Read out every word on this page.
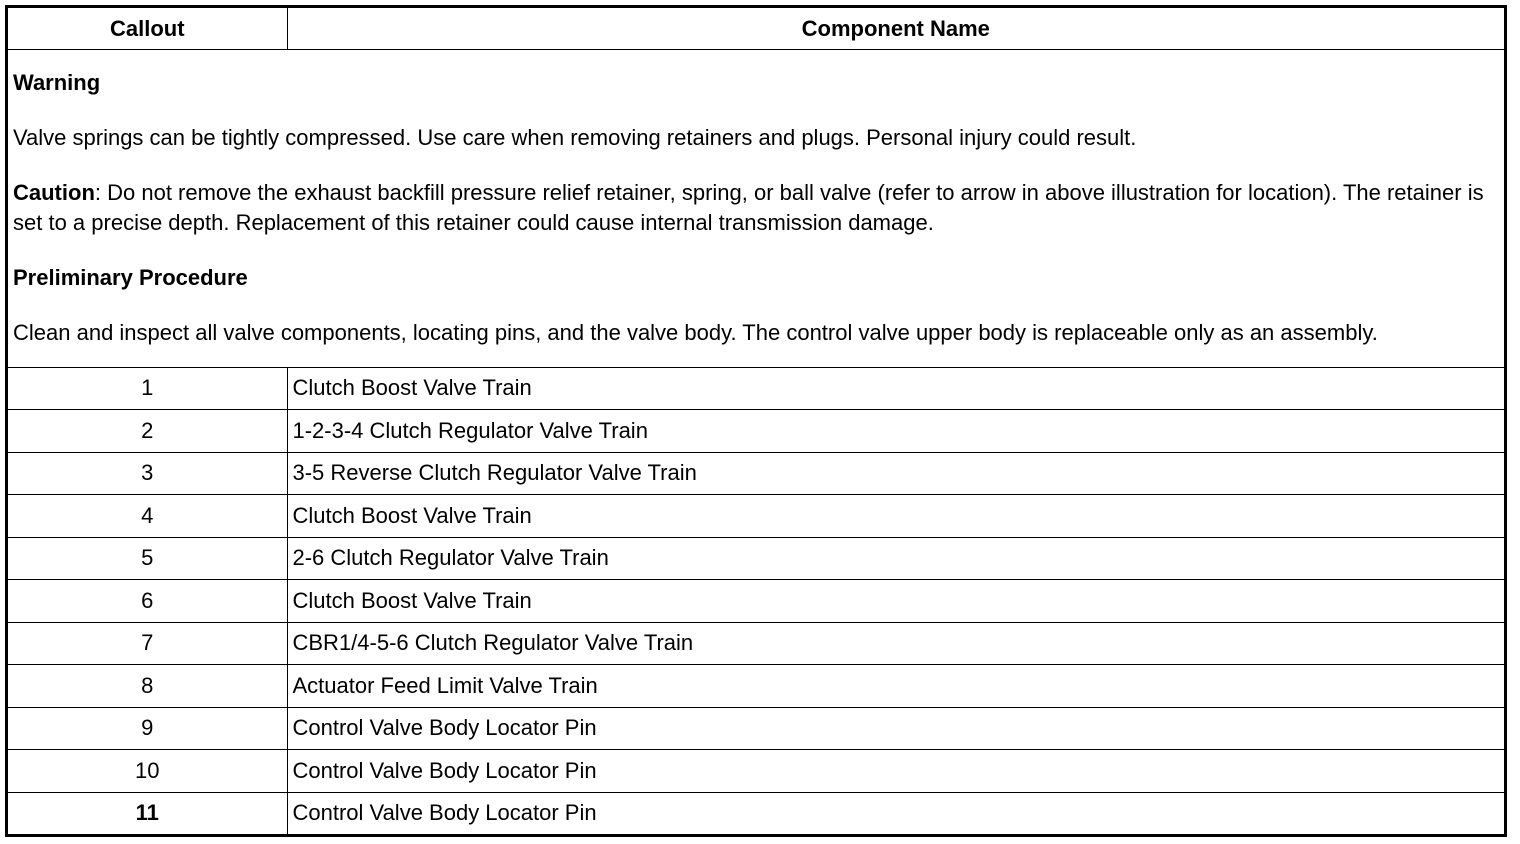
Callout	Component Name

Warning

Valve springs can be tightly compressed. Use care when removing retainers and plugs. Personal injury could result.

Caution: Do not remove the exhaust backfill pressure relief retainer, spring, or ball valve (refer to arrow in above illustration for location). The retainer is set to a precise depth. Replacement of this retainer could cause internal transmission damage.

Preliminary Procedure

Clean and inspect all valve components, locating pins, and the valve body. The control valve upper body is replaceable only as an assembly.	

1	Clutch Boost Valve Train
2	1-2-3-4 Clutch Regulator Valve Train
3	3-5 Reverse Clutch Regulator Valve Train
4	Clutch Boost Valve Train
5	2-6 Clutch Regulator Valve Train
6	Clutch Boost Valve Train
7	CBR1/4-5-6 Clutch Regulator Valve Train
8	Actuator Feed Limit Valve Train
9	Control Valve Body Locator Pin
10	Control Valve Body Locator Pin
11	Control Valve Body Locator Pin
